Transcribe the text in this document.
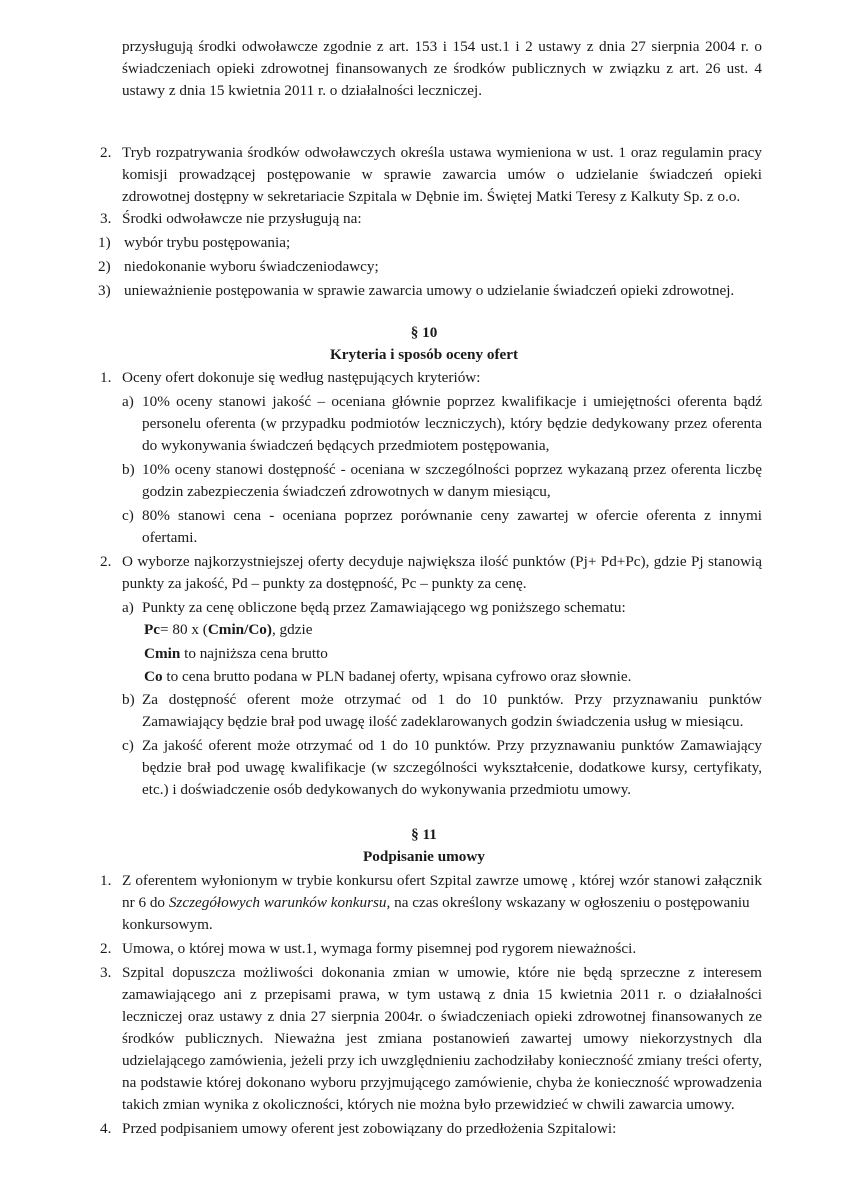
przysługują środki odwoławcze zgodnie z art. 153 i 154 ust.1 i 2 ustawy z dnia 27 sierpnia 2004 r. o
świadczeniach opieki zdrowotnej finansowanych ze środków publicznych w związku z art. 26 ust. 4
ustawy z dnia 15 kwietnia 2011 r. o działalności leczniczej.
2. Tryb rozpatrywania środków odwoławczych określa ustawa wymieniona w ust. 1 oraz regulamin pracy
komisji prowadzącej postępowanie w sprawie zawarcia umów o udzielanie świadczeń opieki
zdrowotnej dostępny w sekretariacie Szpitala w Dębnie im. Świętej Matki Teresy z Kalkuty Sp. z o.o.
3. Środki odwoławcze nie przysługują na:
1) wybór trybu postępowania;
2) niedokonanie wyboru świadczeniodawcy;
3) unieważnienie postępowania w sprawie zawarcia umowy o udzielanie świadczeń opieki zdrowotnej.
§ 10
Kryteria i sposób oceny ofert
1. Oceny ofert dokonuje się według następujących kryteriów:
a) 10% oceny stanowi jakość – oceniana głównie poprzez kwalifikacje i umiejętności oferenta bądź
personelu oferenta (w przypadku podmiotów leczniczych), który będzie dedykowany przez oferenta
do wykonywania świadczeń będących przedmiotem postępowania,
b) 10% oceny stanowi dostępność - oceniana w szczególności poprzez wykazaną przez oferenta liczbę
godzin zabezpieczenia świadczeń zdrowotnych w danym miesiącu,
c) 80% stanowi cena - oceniana poprzez porównanie ceny zawartej w ofercie oferenta z innymi
ofertami.
2. O wyborze najkorzystniejszej oferty decyduje największa ilość punktów (Pj+ Pd+Pc), gdzie Pj stanowią
punkty za jakość, Pd – punkty za dostępność, Pc – punkty za cenę.
a) Punkty za cenę obliczone będą przez Zamawiającego wg poniższego schematu:
Pc= 80 x (Cmin/Co), gdzie
Cmin to najniższa cena brutto
Co to cena brutto podana w PLN badanej oferty, wpisana cyfrowo oraz słownie.
b) Za dostępność oferent może otrzymać od 1 do 10 punktów. Przy przyznawaniu punktów
Zamawiający będzie brał pod uwagę ilość zadeklarowanych godzin świadczenia usług w miesiącu.
c) Za jakość oferent może otrzymać od 1 do 10 punktów. Przy przyznawaniu punktów Zamawiający
będzie brał pod uwagę kwalifikacje (w szczególności wykształcenie, dodatkowe kursy, certyfikaty,
etc.) i doświadczenie osób dedykowanych do wykonywania przedmiotu umowy.
§ 11
Podpisanie umowy
1. Z oferentem wyłonionym w trybie konkursu ofert Szpital zawrze umowę , której wzór stanowi załącznik
nr 6 do Szczegółowych warunków konkursu, na czas określony wskazany w ogłoszeniu o postępowaniu
konkursowym.
2. Umowa, o której mowa w ust.1, wymaga formy pisemnej pod rygorem nieważności.
3. Szpital dopuszcza możliwości dokonania zmian w umowie, które nie będą sprzeczne z interesem
zamawiającego ani z przepisami prawa, w tym ustawą z dnia 15 kwietnia 2011 r. o działalności
leczniczej oraz ustawy z dnia 27 sierpnia 2004r. o świadczeniach opieki zdrowotnej finansowanych ze
środków publicznych. Nieważna jest zmiana postanowień zawartej umowy niekorzystnych dla
udzielającego zamówienia, jeżeli przy ich uwzględnieniu zachodziłaby konieczność zmiany treści oferty,
na podstawie której dokonano wyboru przyjmującego zamówienie, chyba że konieczność wprowadzenia
takich zmian wynika z okoliczności, których nie można było przewidzieć w chwili zawarcia umowy.
4. Przed podpisaniem umowy oferent jest zobowiązany do przedłożenia Szpitalowi:
